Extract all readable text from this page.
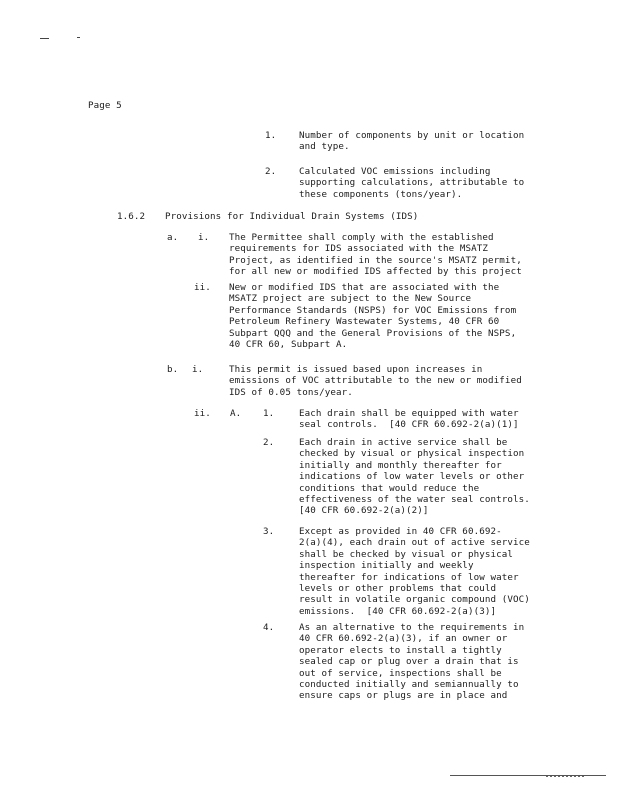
Page 5
1. Number of components by unit or location
and type.
2. Calculated VOC emissions including
supporting calculations, attributable to
these components (tons/year).
1.6.2 Provisions for Individual Drain Systems (IDS)
a. i. The Permittee shall comply with the established
requirements for IDS associated with the MSATZ
Project, as identified in the source's MSATZ permit,
for all new or modified IDS affected by this project
ii. New or modified IDS that are associated with the
MSATZ project are subject to the New Source
Performance Standards (NSPS) for VOC Emissions from
Petroleum Refinery Wastewater Systems, 40 CFR 60
Subpart QQQ and the General Provisions of the NSPS,
40 CFR 60, Subpart A.
b. i.	This permit is issued based upon increases in
emissions of VOC attributable to the new or modified
IDS of 0.05 tons/year.
ii. A. 1.	Each drain shall be equipped with water
seal controls.  [40 CFR 60.692-2(a)(1)]
2.	Each drain in active service shall be
checked by visual or physical inspection
initially and monthly thereafter for
indications of low water levels or other
conditions that would reduce the
effectiveness of the water seal controls.
[40 CFR 60.692-2(a)(2)]
3.	Except as provided in 40 CFR 60.692-
2(a)(4), each drain out of active service
shall be checked by visual or physical
inspection initially and weekly
thereafter for indications of low water
levels or other problems that could
result in volatile organic compound (VOC)
emissions.  [40 CFR 60.692-2(a)(3)]
4.	As an alternative to the requirements in
40 CFR 60.692-2(a)(3), if an owner or
operator elects to install a tightly
sealed cap or plug over a drain that is
out of service, inspections shall be
conducted initially and semiannually to
ensure caps or plugs are in place and
